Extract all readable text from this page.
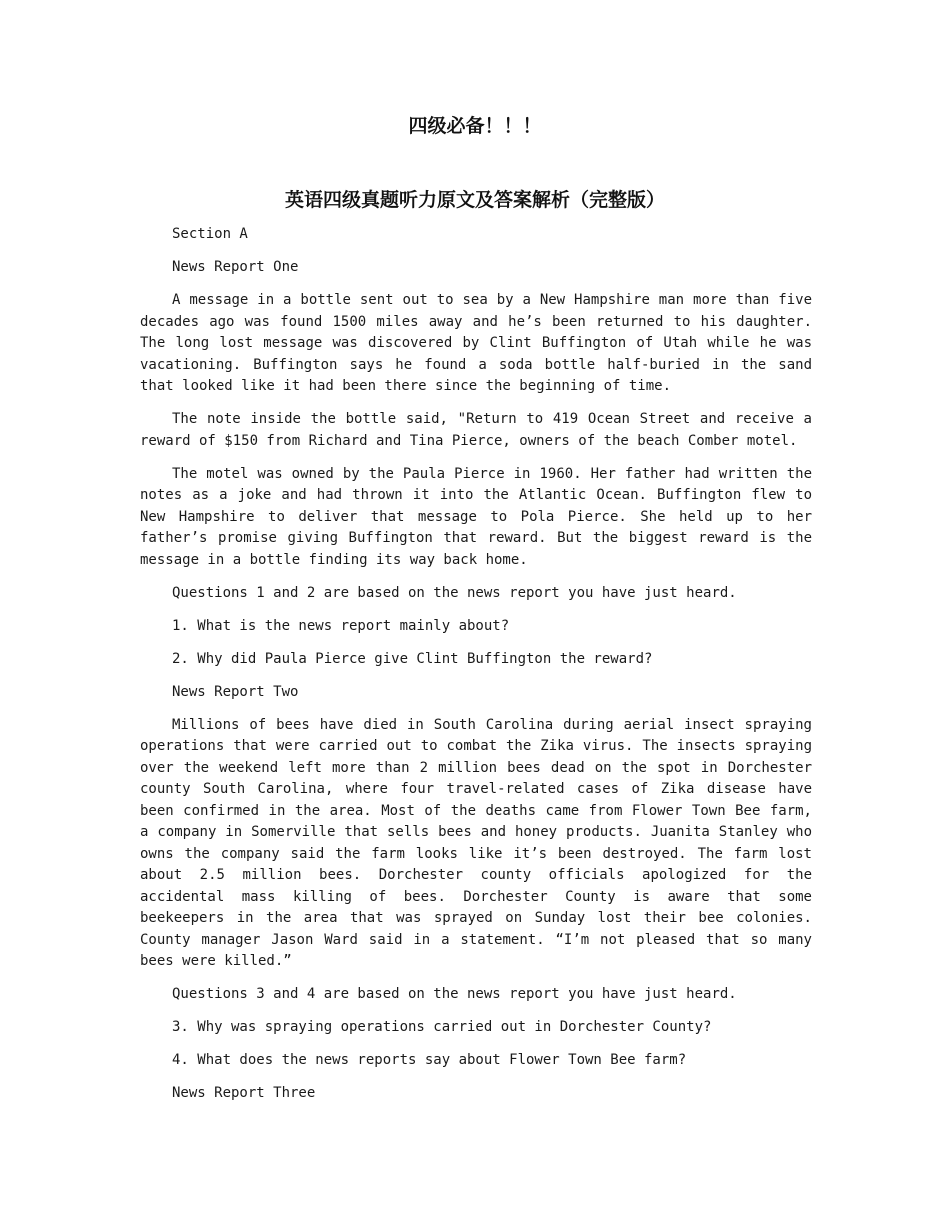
四级必备！！！
英语四级真题听力原文及答案解析（完整版）
Section A
News Report One

A message in a bottle sent out to sea by a New Hampshire man more than five decades ago was found 1500 miles away and he’s been returned to his daughter. The long lost message was discovered by Clint Buffington of Utah while he was vacationing. Buffington says he found a soda bottle half-buried in the sand that looked like it had been there since the beginning of time.

The note inside the bottle said, "Return to 419 Ocean Street and receive a reward of $150 from Richard and Tina Pierce, owners of the beach Comber motel.

The motel was owned by the Paula Pierce in 1960. Her father had written the notes as a joke and had thrown it into the Atlantic Ocean. Buffington flew to New Hampshire to deliver that message to Pola Pierce. She held up to her father’s promise giving Buffington that reward. But the biggest reward is the message in a bottle finding its way back home.

Questions 1 and 2 are based on the news report you have just heard.
1. What is the news report mainly about?
2. Why did Paula Pierce give Clint Buffington the reward?
News Report Two

Millions of bees have died in South Carolina during aerial insect spraying operations that were carried out to combat the Zika virus. The insects spraying over the weekend left more than 2 million bees dead on the spot in Dorchester county South Carolina, where four travel-related cases of Zika disease have been confirmed in the area. Most of the deaths came from Flower Town Bee farm, a company in Somerville that sells bees and honey products. Juanita Stanley who owns the company said the farm looks like it’s been destroyed. The farm lost about 2.5 million bees. Dorchester county officials apologized for the accidental mass killing of bees. Dorchester County is aware that some beekeepers in the area that was sprayed on Sunday lost their bee colonies. County manager Jason Ward said in a statement. “I’m not pleased that so many bees were killed.”

Questions 3 and 4 are based on the news report you have just heard.
3. Why was spraying operations carried out in Dorchester County?
4. What does the news reports say about Flower Town Bee farm?
News Report Three
